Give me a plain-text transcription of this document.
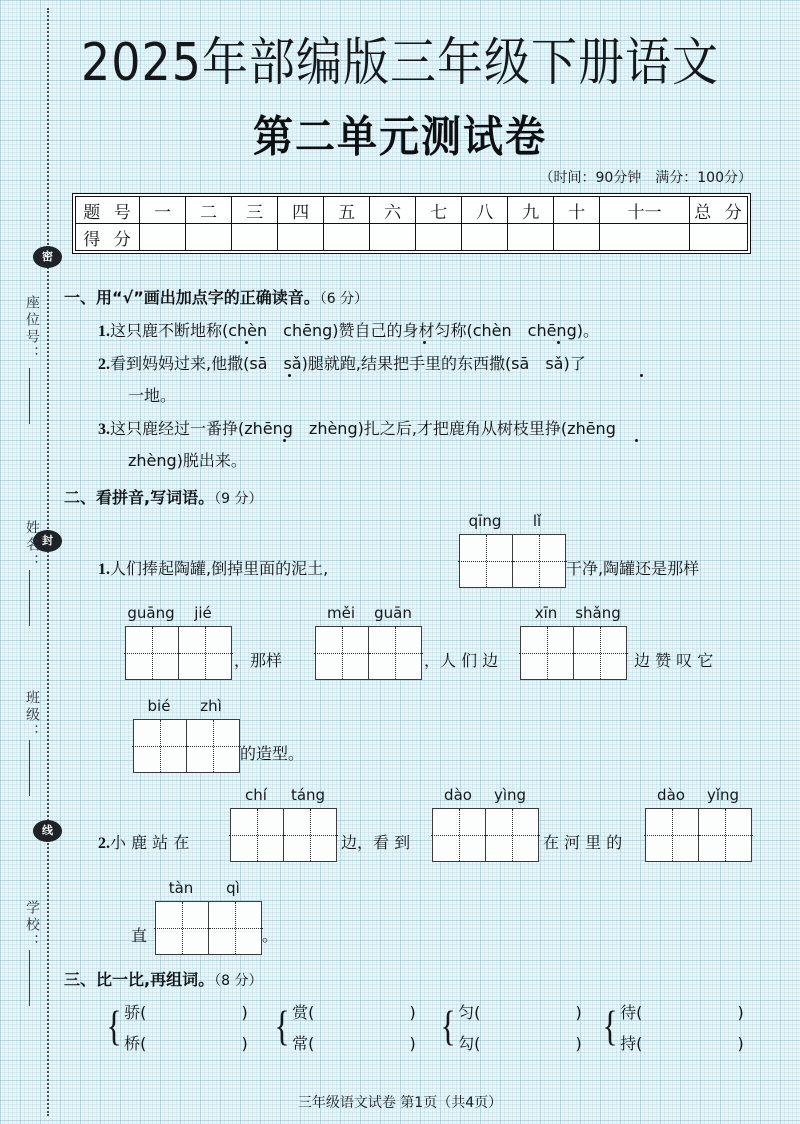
密
封
线
座位号：
姓名：
班级：
学校：
2025年部编版三年级下册语文
第二单元测试卷
（时间：90分钟　满分：100分）
题 号	一	二	三	四	五	六	七	八	九	十	十一	总 分
得 分												
一、用“√”画出加点字的正确读音。（6 分）
1.这只鹿不断地称(chèn　chēng)赞自己的身材匀称(chèn　chēng)。
2.看到妈妈过来,他撒(sā　sǎ)腿就跑,结果把手里的东西撒(sā　sǎ)了
一地。
3.这只鹿经过一番挣(zhēng　zhèng)扎之后,才把鹿角从树枝里挣(zhēng
zhèng)脱出来。
二、看拼音,写词语。（9 分）
qīng	lǐ
1.人们捧起陶罐,倒掉里面的泥土,	干净,陶罐还是那样
guāng	jié
，那样
měi	guān
，人 们 边
xīn	shǎng
边 赞 叹 它
bié	zhì
的造型。
chí	táng
2.小 鹿 站 在	边，看 到
dào	yìng
在 河 里 的
dào	yǐng
tàn	qì
直	。
三、比一比,再组词。（8 分）
{ 骄(	)
桥(	) { 赏(	)
常(	) { 匀(	)
勾(	) { 待(	)
持(	)
三年级语文试卷 第1页（共4页）
